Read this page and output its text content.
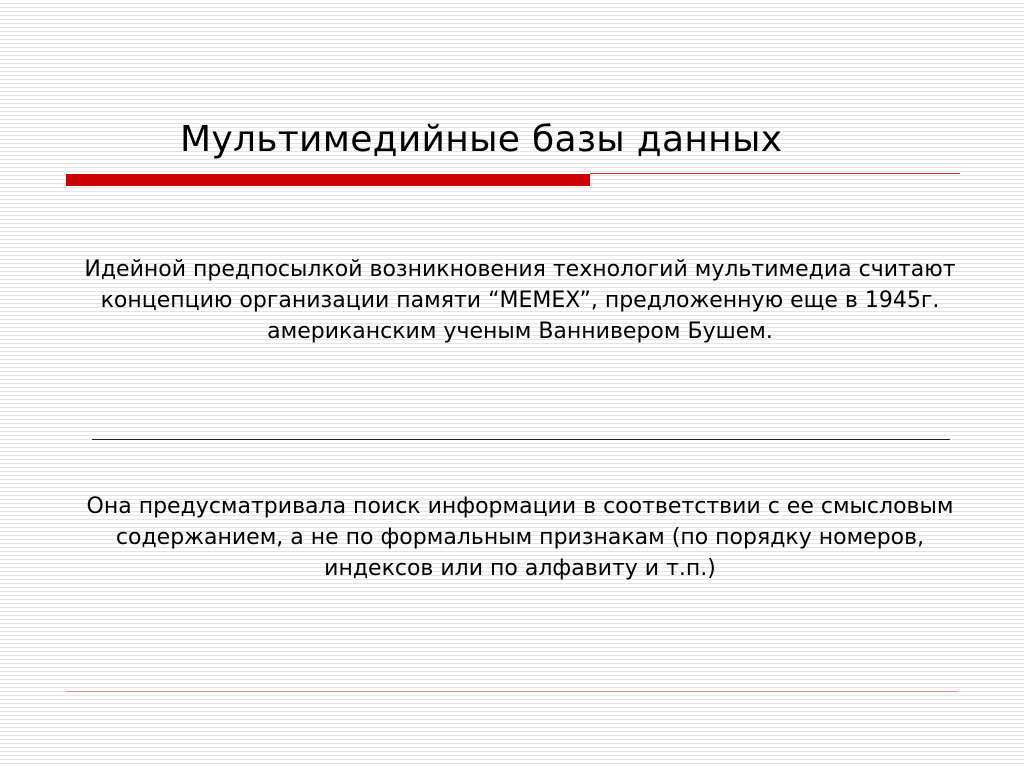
Мультимедийные базы данных
Идейной предпосылкой возникновения технологий мультимедиа считают концепцию организации памяти “MEMEX”, предложенную еще в 1945г. американским ученым Ваннивером Бушем.
Она предусматривала поиск информации в соответствии с ее смысловым содержанием, а не по формальным признакам (по порядку номеров, индексов или по алфавиту и т.п.)
